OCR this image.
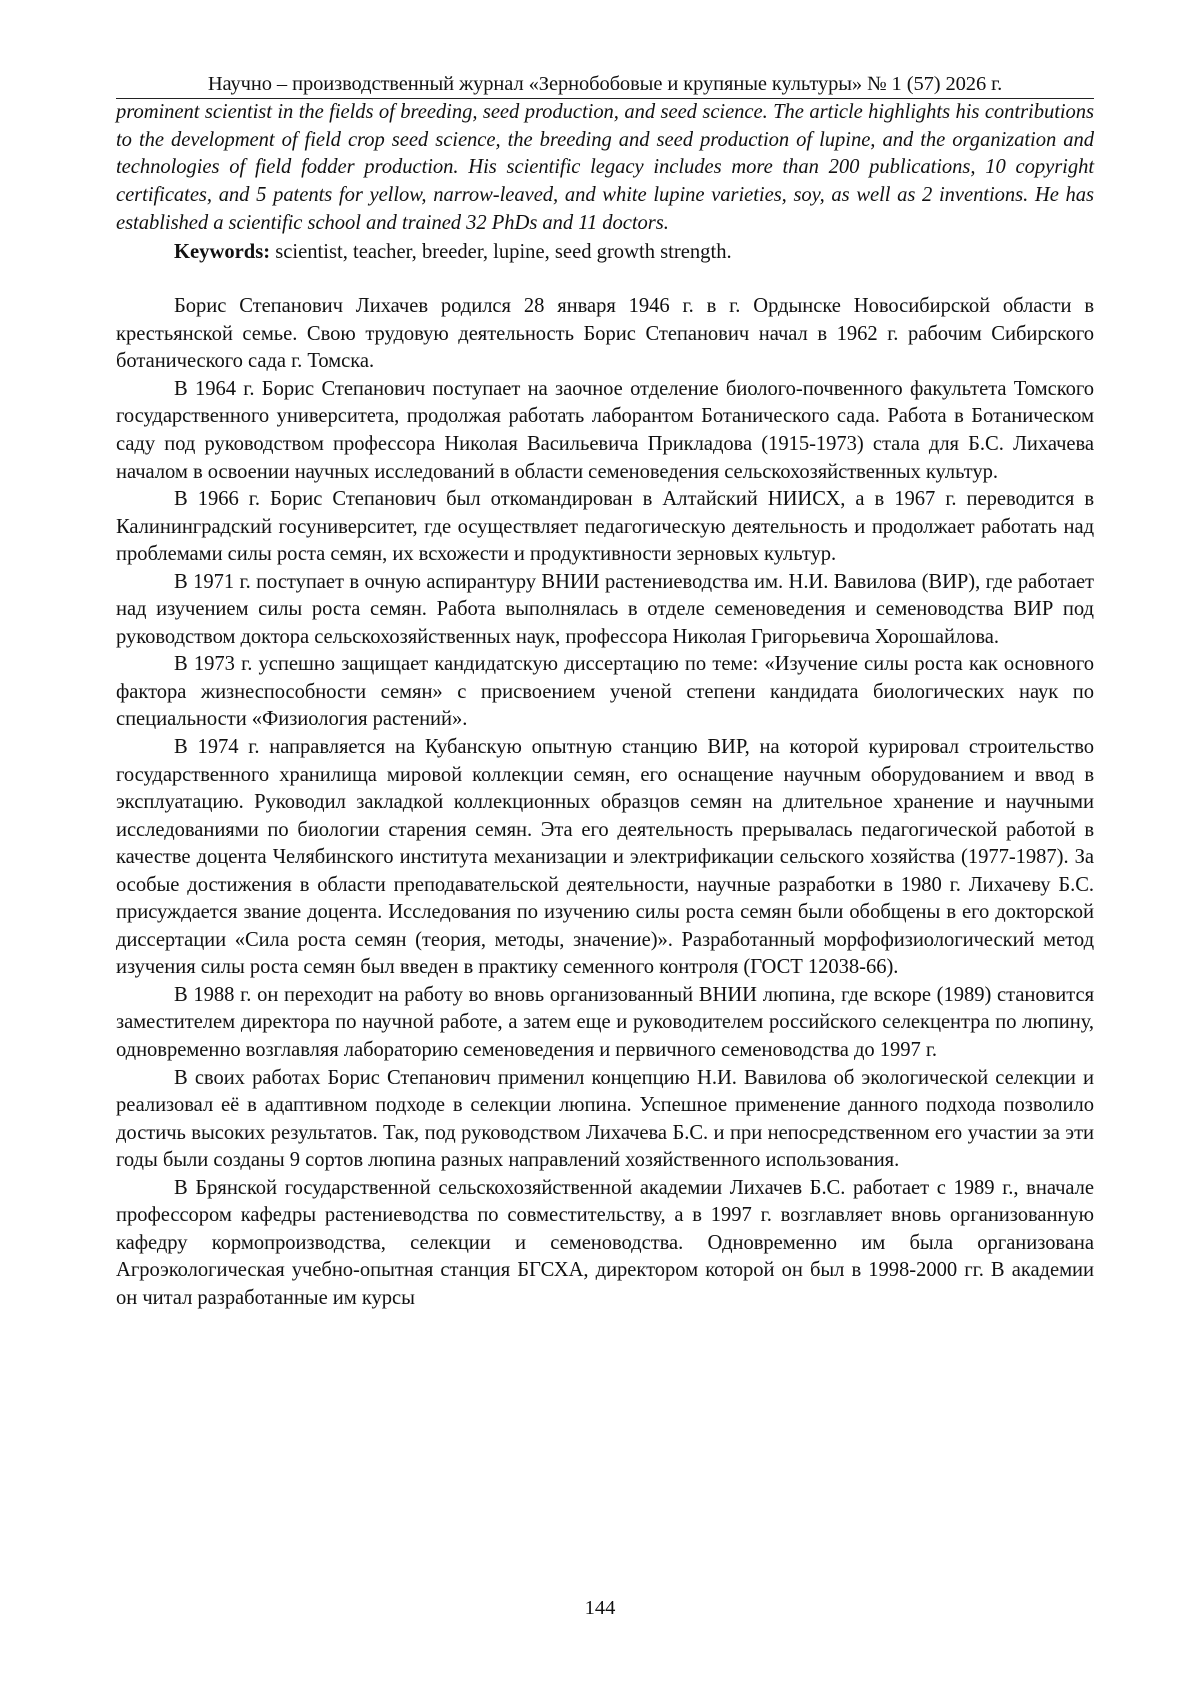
Научно – производственный журнал «Зернобобовые и крупяные культуры» № 1 (57) 2026 г.

prominent scientist in the fields of breeding, seed production, and seed science. The article highlights his contributions to the development of field crop seed science, the breeding and seed production of lupine, and the organization and technologies of field fodder production. His scientific legacy includes more than 200 publications, 10 copyright certificates, and 5 patents for yellow, narrow-leaved, and white lupine varieties, soy, as well as 2 inventions. He has established a scientific school and trained 32 PhDs and 11 doctors.

Keywords: scientist, teacher, breeder, lupine, seed growth strength.

Борис Степанович Лихачев родился 28 января 1946 г. в г. Ордынске Новосибирской области в крестьянской семье. Свою трудовую деятельность Борис Степанович начал в 1962 г. рабочим Сибирского ботанического сада г. Томска.

В 1964 г. Борис Степанович поступает на заочное отделение биолого-почвенного факультета Томского государственного университета, продолжая работать лаборантом Ботанического сада. Работа в Ботаническом саду под руководством профессора Николая Васильевича Прикладова (1915-1973) стала для Б.С. Лихачева началом в освоении научных исследований в области семеноведения сельскохозяйственных культур.

В 1966 г. Борис Степанович был откомандирован в Алтайский НИИСХ, а в 1967 г. переводится в Калининградский госуниверситет, где осуществляет педагогическую деятельность и продолжает работать над проблемами силы роста семян, их всхожести и продуктивности зерновых культур.

В 1971 г. поступает в очную аспирантуру ВНИИ растениеводства им. Н.И. Вавилова (ВИР), где работает над изучением силы роста семян. Работа выполнялась в отделе семеноведения и семеноводства ВИР под руководством доктора сельскохозяйственных наук, профессора Николая Григорьевича Хорошайлова.

В 1973 г. успешно защищает кандидатскую диссертацию по теме: «Изучение силы роста как основного фактора жизнеспособности семян» с присвоением ученой степени кандидата биологических наук по специальности «Физиология растений».

В 1974 г. направляется на Кубанскую опытную станцию ВИР, на которой курировал строительство государственного хранилища мировой коллекции семян, его оснащение научным оборудованием и ввод в эксплуатацию. Руководил закладкой коллекционных образцов семян на длительное хранение и научными исследованиями по биологии старения семян. Эта его деятельность прерывалась педагогической работой в качестве доцента Челябинского института механизации и электрификации сельского хозяйства (1977-1987). За особые достижения в области преподавательской деятельности, научные разработки в 1980 г. Лихачеву Б.С. присуждается звание доцента. Исследования по изучению силы роста семян были обобщены в его докторской диссертации «Сила роста семян (теория, методы, значение)». Разработанный морфофизиологический метод изучения силы роста семян был введен в практику семенного контроля (ГОСТ 12038-66).

В 1988 г. он переходит на работу во вновь организованный ВНИИ люпина, где вскоре (1989) становится заместителем директора по научной работе, а затем еще и руководителем российского селекцентра по люпину, одновременно возглавляя лабораторию семеноведения и первичного семеноводства до 1997 г.

В своих работах Борис Степанович применил концепцию Н.И. Вавилова об экологической селекции и реализовал её в адаптивном подходе в селекции люпина. Успешное применение данного подхода позволило достичь высоких результатов. Так, под руководством Лихачева Б.С. и при непосредственном его участии за эти годы были созданы 9 сортов люпина разных направлений хозяйственного использования.

В Брянской государственной сельскохозяйственной академии Лихачев Б.С. работает с 1989 г., вначале профессором кафедры растениеводства по совместительству, а в 1997 г. возглавляет вновь организованную кафедру кормопроизводства, селекции и семеноводства. Одновременно им была организована Агроэкологическая учебно-опытная станция БГСХА, директором которой он был в 1998-2000 гг. В академии он читал разработанные им курсы

144
